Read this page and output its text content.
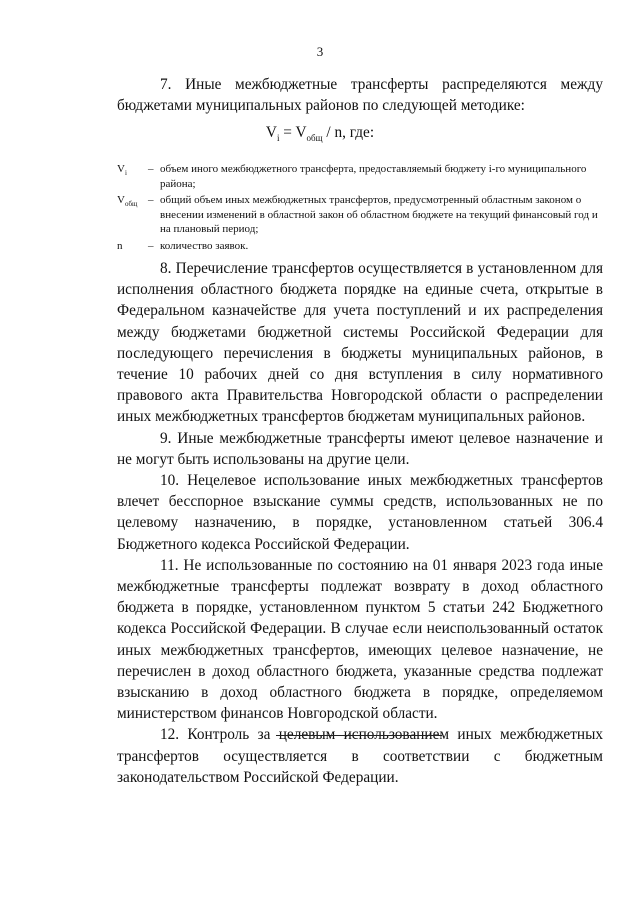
3

7. Иные межбюджетные трансферты распределяются между бюджетами муниципальных районов по следующей методике:

$V_i = V_{общ} / n$, где:
$V_i$	– объем иного межбюджетного трансферта, предоставляемый бюджету i-го муниципального района;
$V_{общ}$ – общий объем иных межбюджетных трансфертов, предусмотренный областным законом о внесении изменений в областной закон об областном бюджете на текущий финансовый год и на плановый период;
n	– количество заявок.

8. Перечисление трансфертов осуществляется в установленном для исполнения областного бюджета порядке на единые счета, открытые в Федеральном казначействе для учета поступлений и их распределения между бюджетами бюджетной системы Российской Федерации для последующего перечисления в бюджеты муниципальных районов, в течение 10 рабочих дней со дня вступления в силу нормативного правового акта Правительства Новгородской области о распределении иных межбюджетных трансфертов бюджетам муниципальных районов.

9. Иные межбюджетные трансферты имеют целевое назначение и не могут быть использованы на другие цели.

10. Нецелевое использование иных межбюджетных трансфертов влечет бесспорное взыскание суммы средств, использованных не по целевому назначению, в порядке, установленном статьей 306.4 Бюджетного кодекса Российской Федерации.

11. Не использованные по состоянию на 01 января 2023 года иные межбюджетные трансферты подлежат возврату в доход областного бюджета в порядке, установленном пунктом 5 статьи 242 Бюджетного кодекса Российской Федерации. В случае если неиспользованный остаток иных межбюджетных трансфертов, имеющих целевое назначение, не перечислен в доход областного бюджета, указанные средства подлежат взысканию в доход областного бюджета в порядке, определяемом министерством финансов Новгородской области.

12. Контроль за целевым использованием иных межбюджетных трансфертов осуществляется в соответствии с бюджетным законодательством Российской Федерации.
